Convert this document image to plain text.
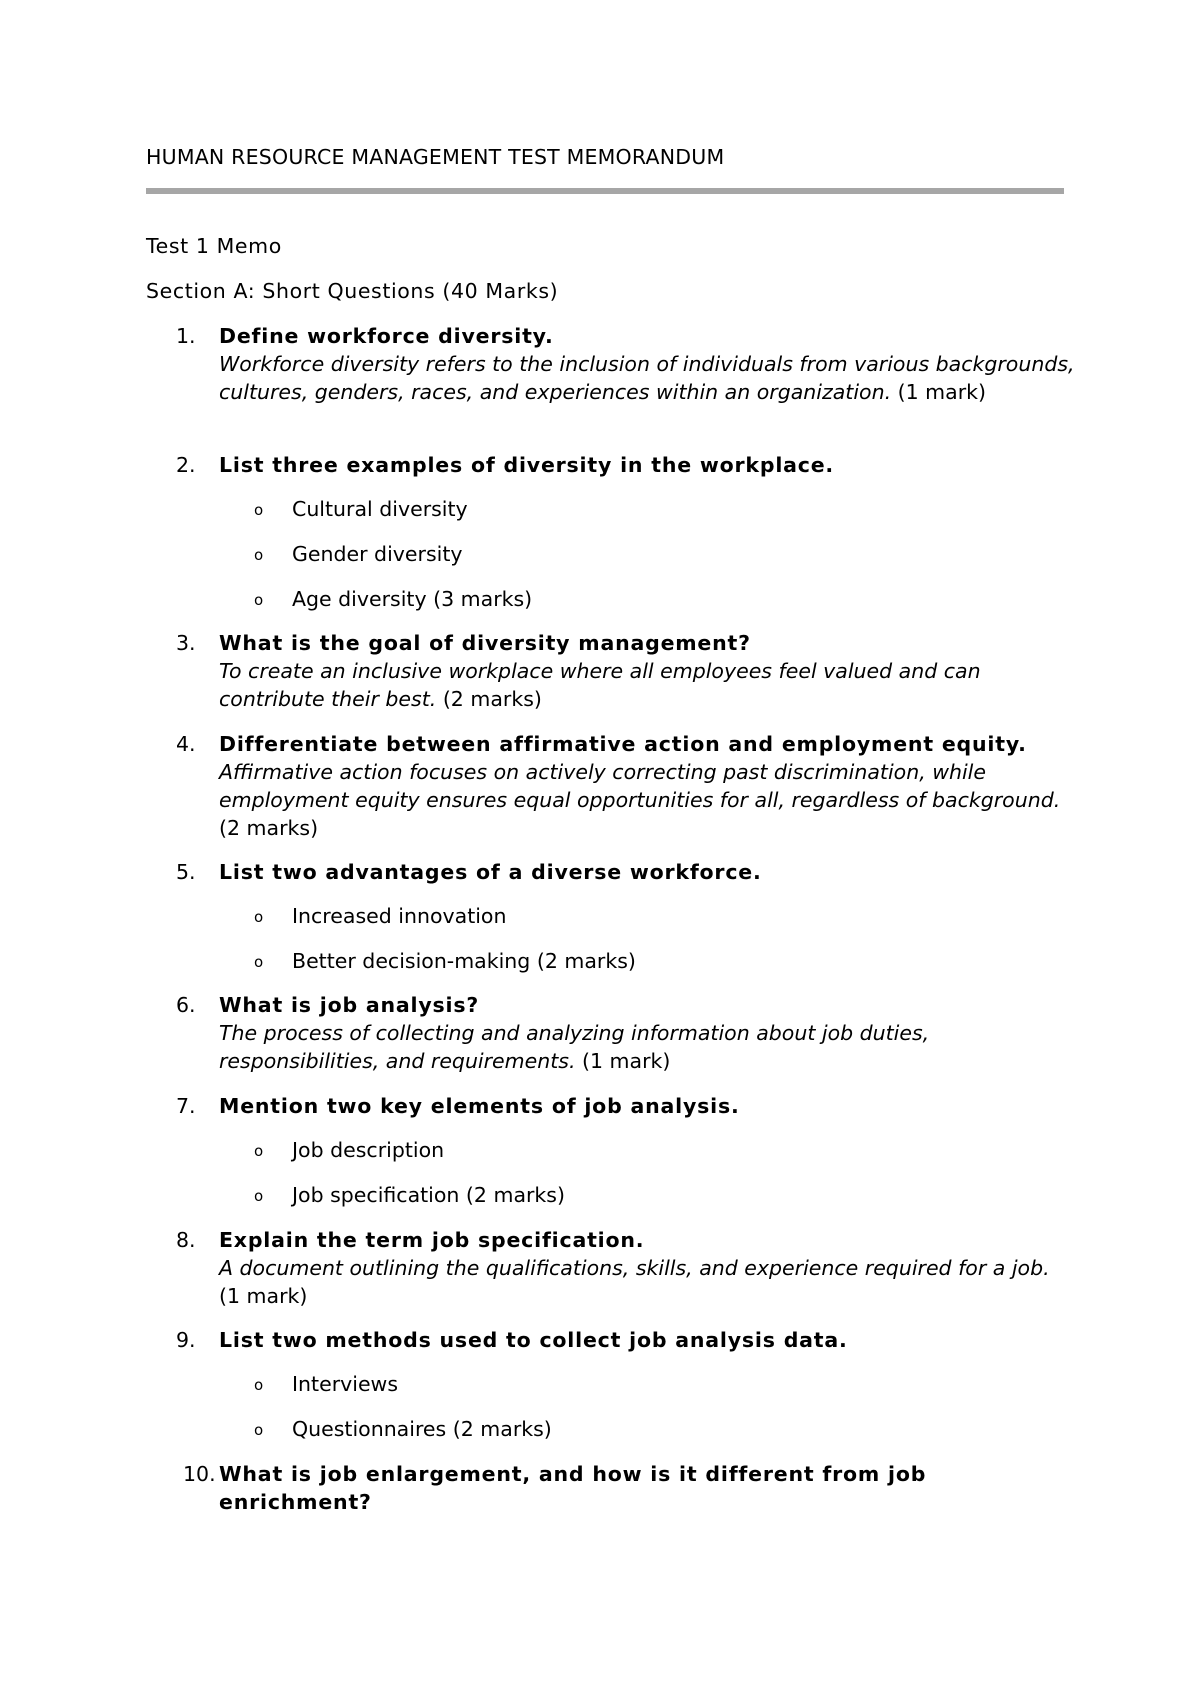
HUMAN RESOURCE MANAGEMENT TEST MEMORANDUM
Test 1 Memo
Section A: Short Questions (40 Marks)
1. Define workforce diversity.
Workforce diversity refers to the inclusion of individuals from various backgrounds, cultures, genders, races, and experiences within an organization. (1 mark)
2. List three examples of diversity in the workplace.
o Cultural diversity
o Gender diversity
o Age diversity (3 marks)
3. What is the goal of diversity management?
To create an inclusive workplace where all employees feel valued and can contribute their best. (2 marks)
4. Differentiate between affirmative action and employment equity.
Affirmative action focuses on actively correcting past discrimination, while employment equity ensures equal opportunities for all, regardless of background. (2 marks)
5. List two advantages of a diverse workforce.
o Increased innovation
o Better decision-making (2 marks)
6. What is job analysis?
The process of collecting and analyzing information about job duties, responsibilities, and requirements. (1 mark)
7. Mention two key elements of job analysis.
o Job description
o Job specification (2 marks)
8. Explain the term job specification.
A document outlining the qualifications, skills, and experience required for a job. (1 mark)
9. List two methods used to collect job analysis data.
o Interviews
o Questionnaires (2 marks)
10. What is job enlargement, and how is it different from job enrichment?
